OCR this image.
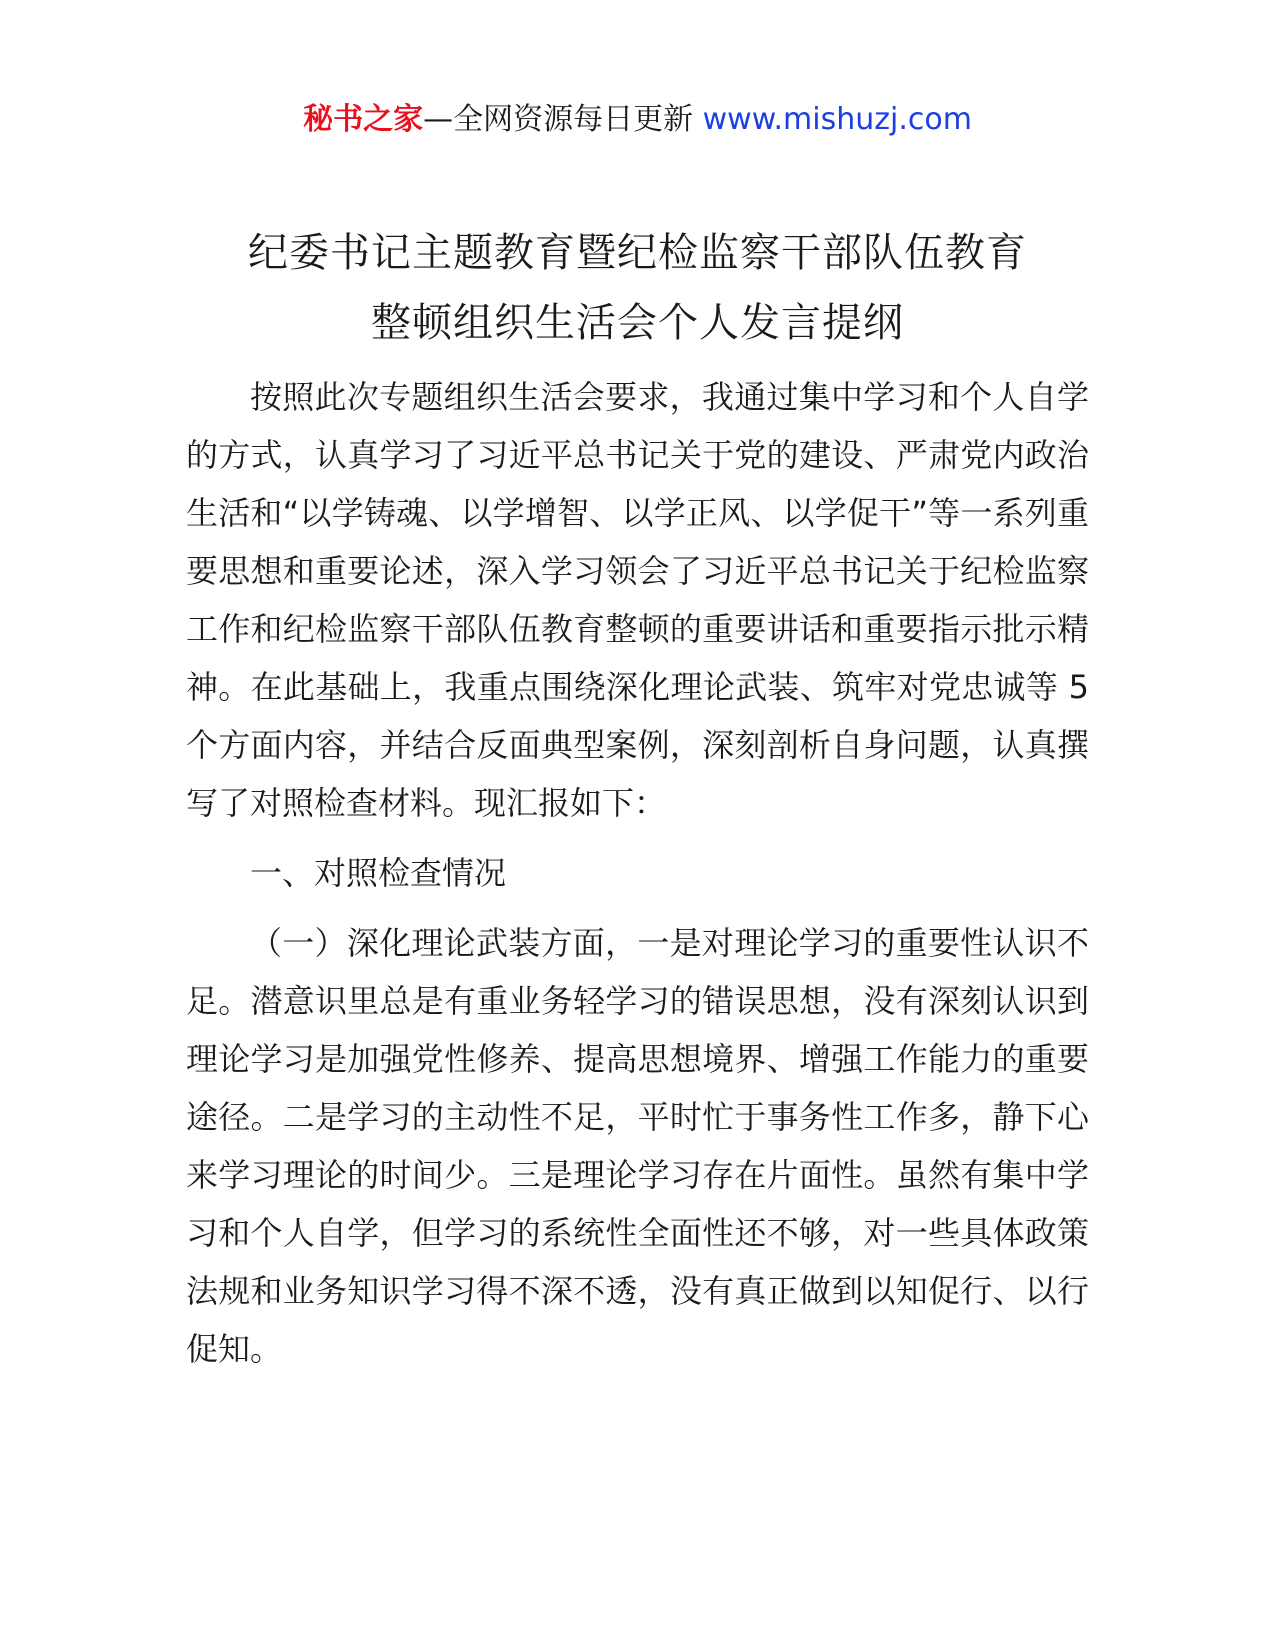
秘书之家—全网资源每日更新 www.mishuzj.com
纪委书记主题教育暨纪检监察干部队伍教育
整顿组织生活会个人发言提纲

按照此次专题组织生活会要求，我通过集中学习和个人自学的方式，认真学习了习近平总书记关于党的建设、严肃党内政治生活和“以学铸魂、以学增智、以学正风、以学促干”等一系列重要思想和重要论述，深入学习领会了习近平总书记关于纪检监察工作和纪检监察干部队伍教育整顿的重要讲话和重要指示批示精神。在此基础上，我重点围绕深化理论武装、筑牢对党忠诚等 5 个方面内容，并结合反面典型案例，深刻剖析自身问题，认真撰写了对照检查材料。现汇报如下：

一、对照检查情况

（一）深化理论武装方面，一是对理论学习的重要性认识不足。潜意识里总是有重业务轻学习的错误思想，没有深刻认识到理论学习是加强党性修养、提高思想境界、增强工作能力的重要途径。二是学习的主动性不足，平时忙于事务性工作多，静下心来学习理论的时间少。三是理论学习存在片面性。虽然有集中学习和个人自学，但学习的系统性全面性还不够，对一些具体政策法规和业务知识学习得不深不透，没有真正做到以知促行、以行促知。
